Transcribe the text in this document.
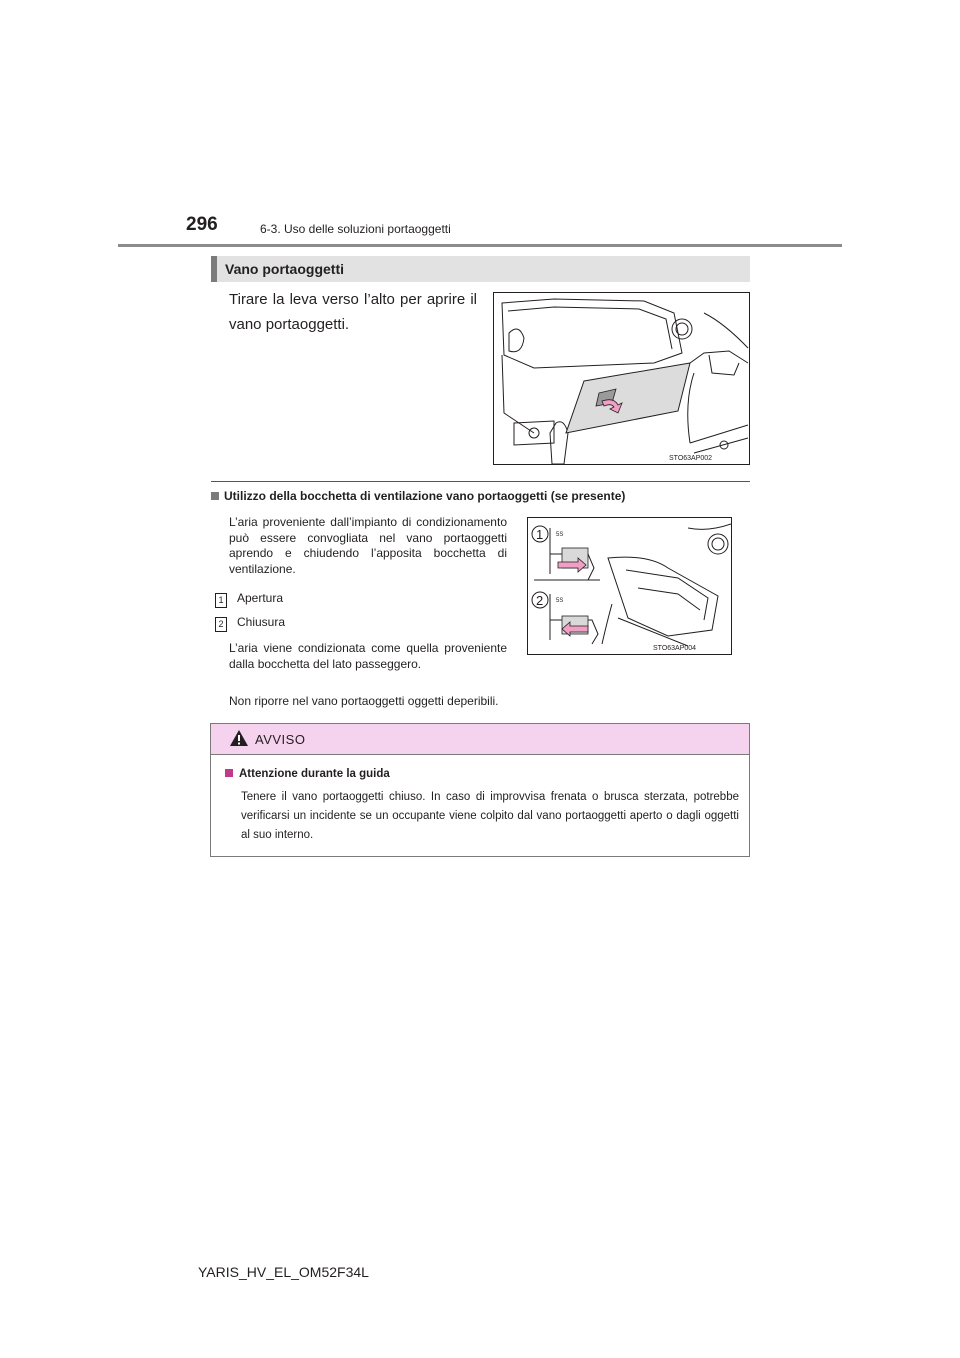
296	6-3. Uso delle soluzioni portaoggetti
Vano portaoggetti
Tirare la leva verso l’alto per aprire il vano portaoggetti.
STO63AP002
Utilizzo della bocchetta di ventilazione vano portaoggetti (se presente)
L’aria proveniente dall’impianto di condizionamento può essere convogliata nel vano portaoggetti aprendo e chiudendo l’apposita bocchetta di ventilazione.
1 Apertura
2 Chiusura
L’aria viene condizionata come quella proveniente dalla bocchetta del lato passeggero.
Non riporre nel vano portaoggetti oggetti deperibili.
5S
5S
1
2
STO63AP004
AVVISO
Attenzione durante la guida
Tenere il vano portaoggetti chiuso. In caso di improvvisa frenata o brusca sterzata, potrebbe verificarsi un incidente se un occupante viene colpito dal vano portaoggetti aperto o dagli oggetti al suo interno.
YARIS_HV_EL_OM52F34L
